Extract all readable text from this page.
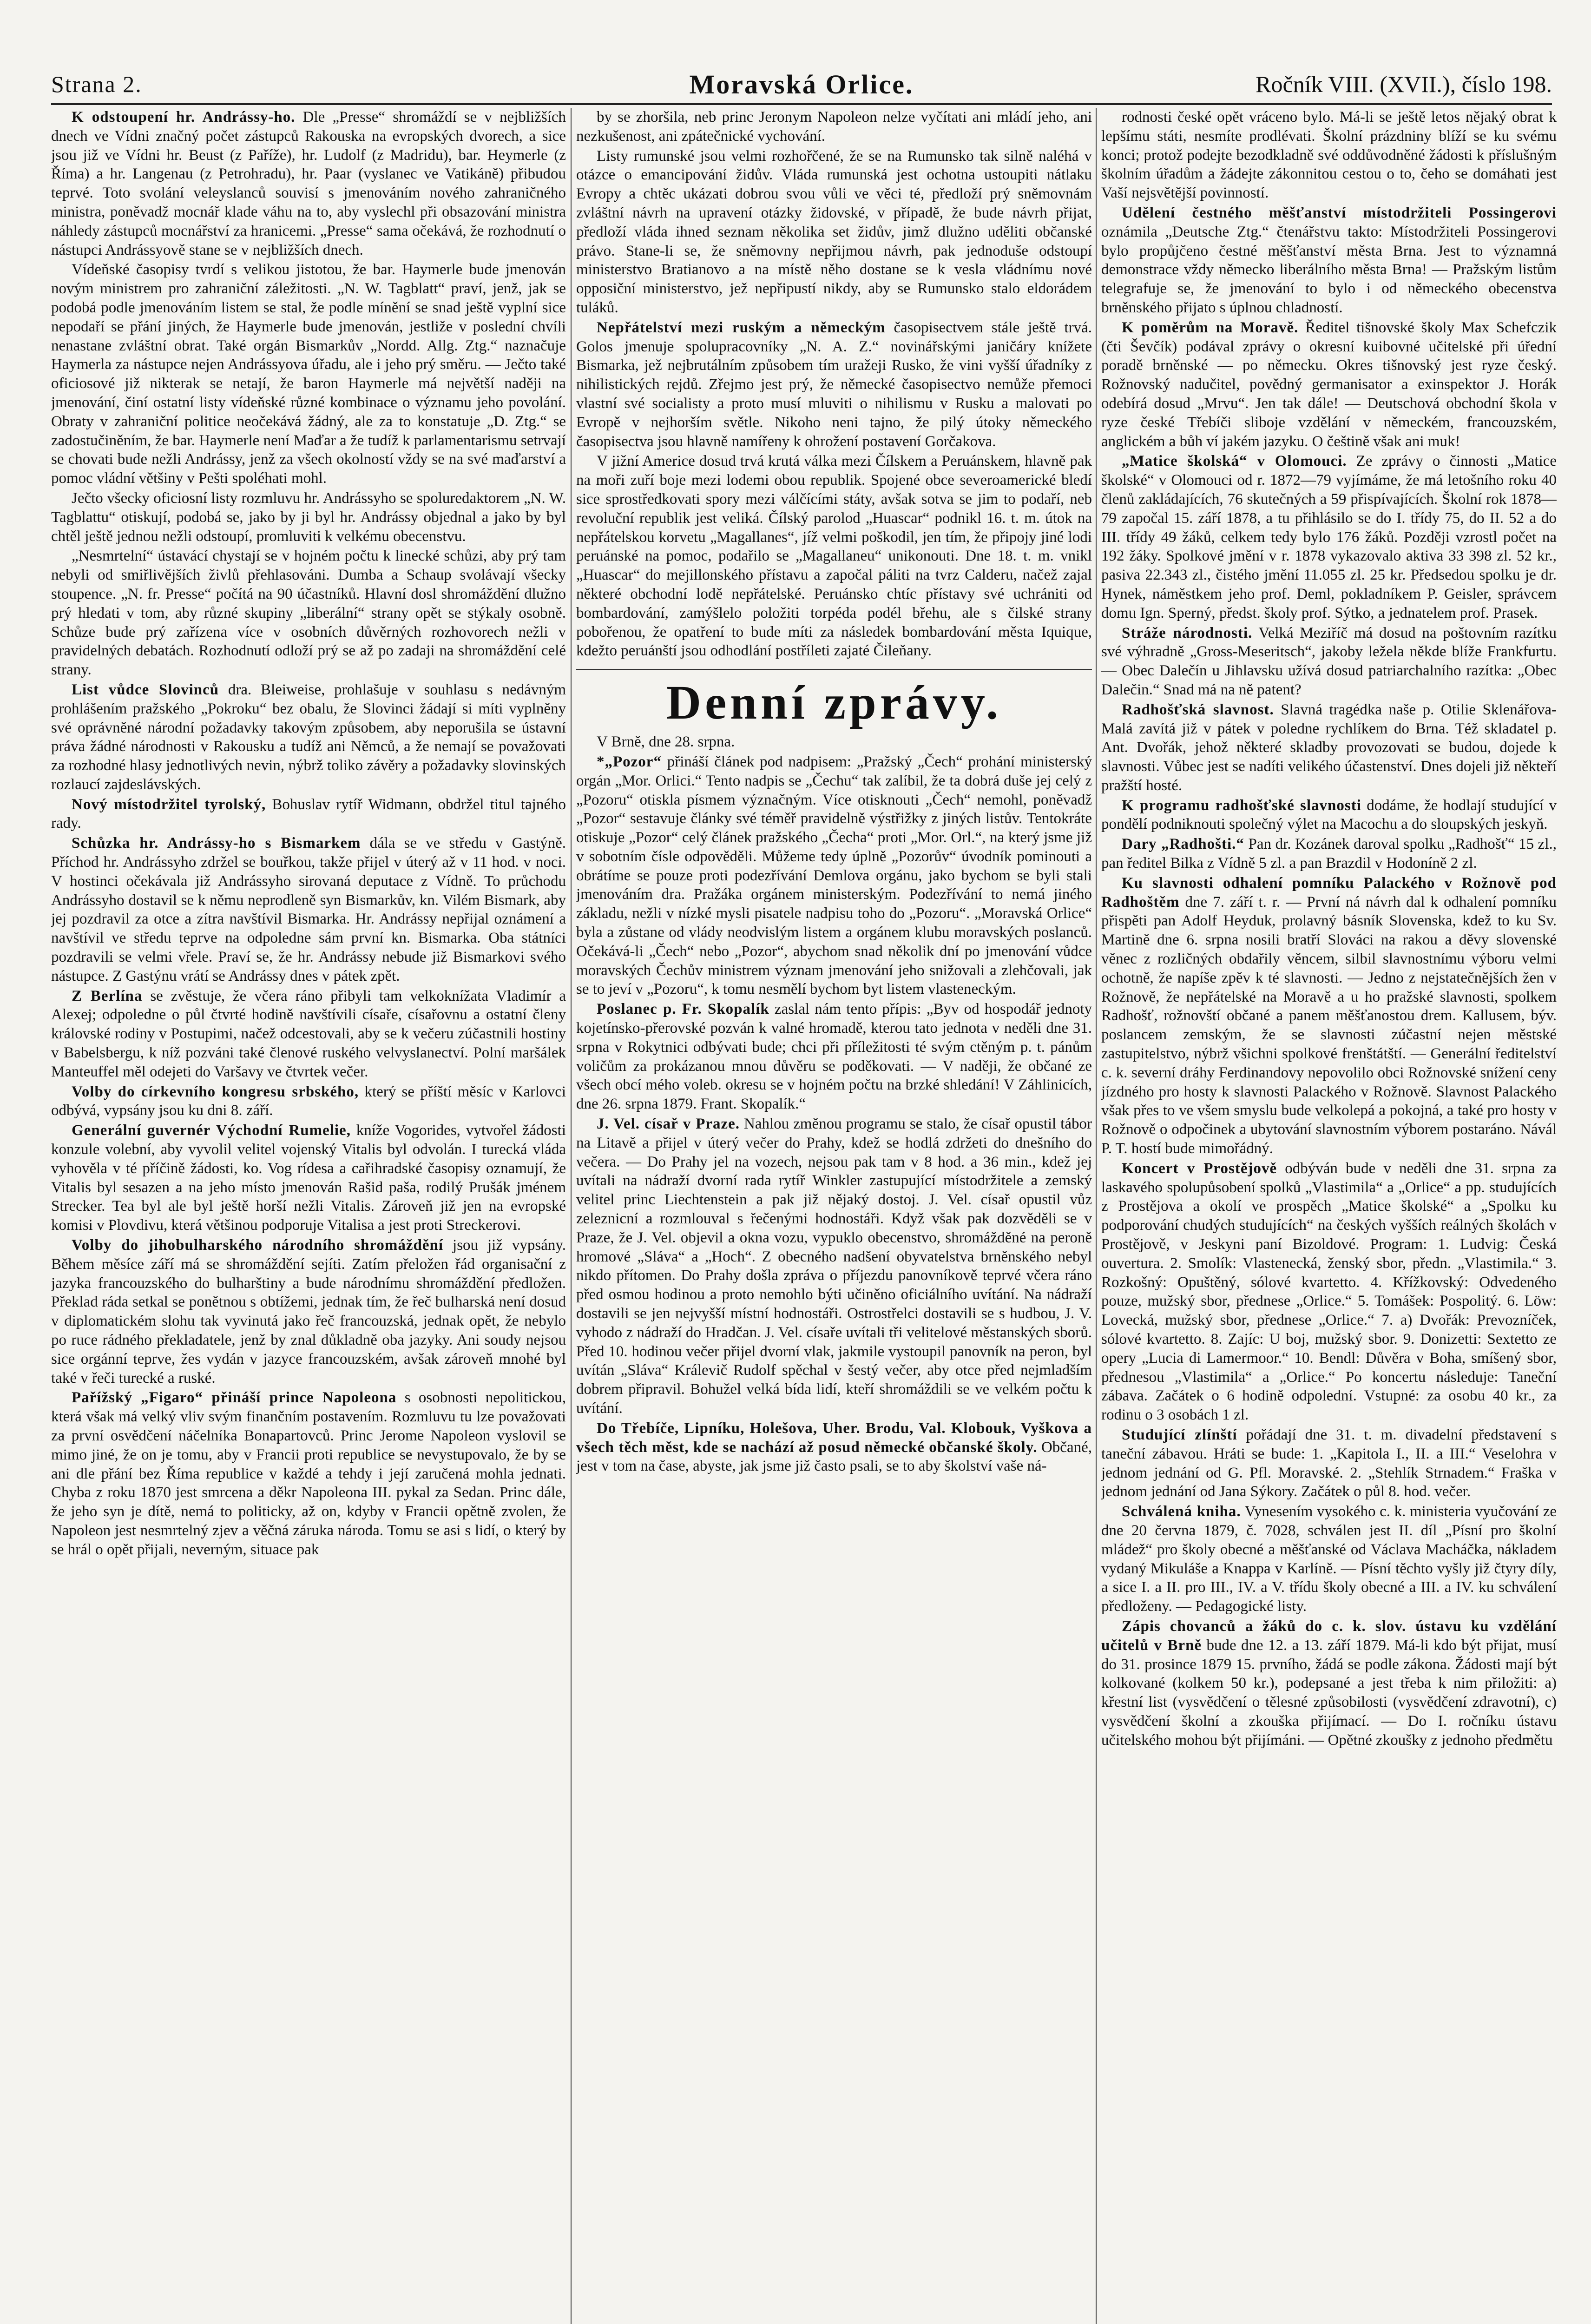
Strana 2.	Moravská Orlice.	Ročník VIII. (XVII.), číslo 198.

K odstoupení hr. Andrássy-ho. Dle „Presse“ shromáždí se v nejbližších dnech ve Vídni značný počet zástupců Rakouska na evropských dvorech, a sice jsou již ve Vídni hr. Beust (z Paříže), hr. Ludolf (z Madridu), bar. Heymerle (z Říma) a hr. Langenau (z Petrohradu), hr. Paar (vyslanec ve Vatikáně) přibudou teprvé. Toto svolání veleyslanců souvisí s jmenováním nového zahraničného ministra, poněvadž mocnář klade váhu na to, aby vyslechl při obsazování ministra náhledy zástupců mocnářství za hranicemi. „Presse“ sama očekává, že rozhodnutí o nástupci Andrássyově stane se v nejbližších dnech.

Vídeňské časopisy tvrdí s velikou jistotou, že bar. Haymerle bude jmenován novým ministrem pro zahraniční záležitosti. „N. W. Tagblatt“ praví, jenž, jak se podobá podle jmenováním listem se stal, že podle mínění se snad ještě vyplní sice nepodaří se přání jiných, že Haymerle bude jmenován, jestliže v poslední chvíli nenastane zvláštní obrat. Také orgán Bismarkův „Nordd. Allg. Ztg.“ naznačuje Haymerla za nástupce nejen Andrássyova úřadu, ale i jeho prý směru. — Ječto také oficiosové již nikterak se netají, že baron Haymerle má největší naději na jmenování, činí ostatní listy vídeňské různé kombinace o významu jeho povolání. Obraty v zahraniční politice neočekává žádný, ale za to konstatuje „D. Ztg.“ se zadostučiněním, že bar. Haymerle není Maďar a že tudíž k parlamentarismu setrvají se chovati bude nežli Andrássy, jenž za všech okolností vždy se na své maďarství a pomoc vládní většiny v Pešti spoléhati mohl.

Ječto všecky oficiosní listy rozmluvu hr. Andrássyho se spoluredaktorem „N. W. Tagblattu“ otiskují, podobá se, jako by ji byl hr. Andrássy objednal a jako by byl chtěl ještě jednou nežli odstoupí, promluviti k velkému obecenstvu.

„Nesmrtelní“ ústavácí chystají se v hojném počtu k linecké schůzi, aby prý tam nebyli od smiřlivějších živlů přehlasováni. Dumba a Schaup svolávají všecky stoupence. „N. fr. Presse“ počítá na 90 účastníků. Hlavní dosl shromáždění dlužno prý hledati v tom, aby různé skupiny „liberální“ strany opět se stýkaly osobně. Schůze bude prý zařízena více v osobních důvěrných rozhovorech nežli v pravidelných debatách. Rozhodnutí odloží prý se až po zadaji na shromáždění celé strany.

List vůdce Slovinců dra. Bleiweise, prohlašuje v souhlasu s nedávným prohlášením pražského „Pokroku“ bez obalu, že Slovinci žádají si míti vyplněny své oprávněné národní požadavky takovým způsobem, aby neporušila se ústavní práva žádné národnosti v Rakousku a tudíž ani Němců, a že nemají se považovati za rozhodné hlasy jednotlivých nevin, nýbrž toliko závěry a požadavky slovinských rozlaucí zajdeslávských.

Nový místodržitel tyrolský, Bohuslav rytíř Widmann, obdržel titul tajného rady.

Schůzka hr. Andrássy-ho s Bismarkem dála se ve středu v Gastýně. Příchod hr. Andrássyho zdržel se bouřkou, takže přijel v úterý až v 11 hod. v noci. V hostinci očekávala již Andrássyho sirovaná deputace z Vídně. To průchodu Andrássyho dostavil se k němu neprodleně syn Bismarkův, kn. Vilém Bismark, aby jej pozdravil za otce a zítra navštívil Bismarka. Hr. Andrássy nepřijal oznámení a navštívil ve středu teprve na odpoledne sám první kn. Bismarka. Oba státníci pozdravili se velmi vřele. Praví se, že hr. Andrássy nebude již Bismarkovi svého nástupce. Z Gastýnu vrátí se Andrássy dnes v pátek zpět.

Z Berlína se zvěstuje, že včera ráno přibyli tam velkoknížata Vladimír a Alexej; odpoledne o půl čtvrté hodině navštívili císaře, císařovnu a ostatní členy královské rodiny v Postupimi, načež odcestovali, aby se k večeru zúčastnili hostiny v Babelsbergu, k níž pozváni také členové ruského velvyslanectví. Polní maršálek Manteuffel měl odejeti do Varšavy ve čtvrtek večer.

Volby do církevního kongresu srbského, který se příští měsíc v Karlovci odbývá, vypsány jsou ku dni 8. září.

Generální guvernér Východní Rumelie, kníže Vogorides, vytvořel žádosti konzule volební, aby vyvolil velitel vojenský Vitalis byl odvolán. I turecká vláda vyhověla v té příčině žádosti, ko. Vog rídesa a cařihradské časopisy oznamují, že Vitalis byl sesazen a na jeho místo jmenován Rašid paša, rodilý Prušák jménem Strecker. Tea byl ale byl ještě horší nežli Vitalis. Zároveň již jen na evropské komisi v Plovdivu, která většinou podporuje Vitalisa a jest proti Streckerovi.

Volby do jihobulharského národního shromáždění jsou již vypsány. Během měsíce září má se shromáždění sejíti. Zatím přeložen řád organisační z jazyka francouzského do bulharštiny a bude národnímu shromáždění předložen. Překlad ráda setkal se ponětnou s obtížemi, jednak tím, že řeč bulharská není dosud v diplomatickém slohu tak vyvinutá jako řeč francouzská, jednak opět, že nebylo po ruce rádného překladatele, jenž by znal důkladně oba jazyky. Ani soudy nejsou sice orgánní teprve, žes vydán v jazyce francouzském, avšak zároveň mnohé byl také v řeči turecké a ruské.

Pařížský „Figaro“ přináší prince Napoleona s osobnosti nepolitickou, která však má velký vliv svým finančním postavením. Rozmluvu tu lze považovati za první osvědčení náčelníka Bonapartovců. Princ Jerome Napoleon vyslovil se mimo jiné, že on je tomu, aby v Francii proti republice se nevystupovalo, že by se ani dle přání bez Říma republice v každé a tehdy i její zaručená mohla jednati. Chyba z roku 1870 jest smrcena a děkr Napoleona III. pykal za Sedan. Princ dále, že jeho syn je dítě, nemá to politicky, až on, kdyby v Francii opětně zvolen, že Napoleon jest nesmrtelný zjev a věčná záruka národa. Tomu se asi s lidí, o který by se hrál o opět přijali, neverným, situace pak

by se zhoršila, neb princ Jeronym Napoleon nelze vyčítati ani mládí jeho, ani nezkušenost, ani zpátečnické vychování.

Listy rumunské jsou velmi rozhořčené, že se na Rumunsko tak silně naléhá v otázce o emancipování židův. Vláda rumunská jest ochotna ustoupiti nátlaku Evropy a chtěc ukázati dobrou svou vůli ve věci té, předloží prý sněmovnám zvláštní návrh na upravení otázky židovské, v případě, že bude návrh přijat, předloží vláda ihned seznam několika set židův, jimž dlužno uděliti občanské právo. Stane-li se, že sněmovny nepřijmou návrh, pak jednoduše odstoupí ministerstvo Bratianovo a na místě něho dostane se k vesla vládnímu nové opposiční ministerstvo, jež nepřipustí nikdy, aby se Rumunsko stalo eldorádem tuláků.

Nepřátelství mezi ruským a německým časopisectvem stále ještě trvá. Golos jmenuje spolupracovníky „N. A. Z.“ novinářskými janičáry knížete Bismarka, jež nejbrutálním způsobem tím uražeji Rusko, že vini vyšší úřadníky z nihilistických rejdů. Zřejmo jest prý, že německé časopisectvo nemůže přemoci vlastní své socialisty a proto musí mluviti o nihilismu v Rusku a malovati po Evropě v nejhorším světle. Nikoho neni tajno, že pilý útoky německého časopisectva jsou hlavně namířeny k ohrožení postavení Gorčakova.

V jižní Americe dosud trvá krutá válka mezi Čílskem a Peruánskem, hlavně pak na moři zuří boje mezi lodemi obou republik. Spojené obce severoamerické bledí sice sprostředkovati spory mezi válčícími státy, avšak sotva se jim to podaří, neb revoluční republik jest veliká. Čílský parolod „Huascar“ podnikl 16. t. m. útok na nepřátelskou korvetu „Magallanes“, jíž velmi poškodil, jen tím, že připojy jiné lodi peruánské na pomoc, podařilo se „Magallaneu“ unikonouti. Dne 18. t. m. vnikl „Huascar“ do mejillonského přístavu a započal páliti na tvrz Calderu, načež zajal některé obchodní lodě nepřátelské. Peruánsko chtíc přístavy své uchrániti od bombardování, zamýšlelo položiti torpéda podél břehu, ale s čilské strany pobořenou, že opatření to bude míti za následek bombardování města Iquique, kdežto peruánští jsou odhodlání postříleti zajaté Čileňany.

Denní zprávy.

V Brně, dne 28. srpna.

*„Pozor“ přináší článek pod nadpisem: „Pražský „Čech“ prohání ministerský orgán „Mor. Orlici.“ Tento nadpis se „Čechu“ tak zalíbil, že ta dobrá duše jej celý z „Pozoru“ otiskla písmem význačným. Více otisknouti „Čech“ nemohl, poněvadž „Pozor“ sestavuje články své téměř pravidelně výstřižky z jiných listův. Tentokráte otiskuje „Pozor“ celý článek pražského „Čecha“ proti „Mor. Orl.“, na který jsme již v sobotním čísle odpověděli. Můžeme tedy úplně „Pozorův“ úvodník pominouti a obrátíme se pouze proti podezřívání Demlova orgánu, jako bychom se byli stali jmenováním dra. Pražáka orgánem ministerským. Podezřívání to nemá jiného základu, nežli v nízké mysli pisatele nadpisu toho do „Pozoru“. „Moravská Orlice“ byla a zůstane od vlády neodvislým listem a orgánem klubu moravských poslanců. Očekává-li „Čech“ nebo „Pozor“, abychom snad několik dní po jmenování vůdce moravských Čechův ministrem význam jmenování jeho snižovali a zlehčovali, jak se to jeví v „Pozoru“, k tomu nesmělí bychom byt listem vlasteneckým.

Poslanec p. Fr. Skopalík zaslal nám tento přípis: „Byv od hospodář jednoty kojetínsko-přerovské pozván k valné hromadě, kterou tato jednota v neděli dne 31. srpna v Rokytnici odbývati bude; chci při příležitosti té svým ctěným p. t. pánům voličům za prokázanou mnou důvěru se poděkovati. — V naději, že občané ze všech obcí mého voleb. okresu se v hojném počtu na brzké shledání! V Záhlinicích, dne 26. srpna 1879. Frant. Skopalík.“

J. Vel. císař v Praze. Nahlou změnou programu se stalo, že císař opustil tábor na Litavě a přijel v úterý večer do Prahy, kdež se hodlá zdržeti do dnešního do večera. — Do Prahy jel na vozech, nejsou pak tam v 8 hod. a 36 min., kdež jej uvítali na nádraží dvorní rada rytíř Winkler zastupující místodržitele a zemský velitel princ Liechtenstein a pak již nějaký dostoj. J. Vel. císař opustil vůz zeleznicní a rozmlouval s řečenými hodnostáři. Když však pak dozvěděli se v Praze, že J. Vel. objevil a okna vozu, vypuklo obecenstvo, shromážděné na peroně hromové „Sláva“ a „Hoch“. Z obecného nadšení obyvatelstva brněnského nebyl nikdo přítomen. Do Prahy došla zpráva o příjezdu panovníkově teprvé včera ráno před osmou hodinou a proto nemohlo býti učiněno oficiálního uvítání. Na nádraží dostavili se jen nejvyšší místní hodnostáři. Ostrostřelci dostavili se s hudbou, J. V. vyhodo z nádraží do Hradčan. J. Vel. císaře uvítali tři velitelové městanských sborů. Před 10. hodinou večer přijel dvorní vlak, jakmile vystoupil panovník na peron, byl uvítán „Sláva“ Králevič Rudolf spěchal v šestý večer, aby otce před nejmladším dobrem připravil. Bohužel velká bída lidí, kteří shromáždili se ve velkém počtu k uvítání.

Do Třebíče, Lipníku, Holešova, Uher. Brodu, Val. Klobouk, Vyškova a všech těch měst, kde se nachází až posud německé občanské školy. Občané, jest v tom na čase, abyste, jak jsme již často psali, se to aby školství vaše ná-

rodnosti české opět vráceno bylo. Má-li se ještě letos nějaký obrat k lepšímu státi, nesmíte prodlévati. Školní prázdniny blíží se ku svému konci; protož podejte bezodkladně své oddůvodněné žádosti k příslušným školním úřadům a žádejte zákonnitou cestou o to, čeho se domáhati jest Vaší nejsvětější povinností.

Udělení čestného měšťanství místodržiteli Possingerovi oznámila „Deutsche Ztg.“ čtenářstvu takto: Místodržiteli Possingerovi bylo propůjčeno čestné měšťanství města Brna. Jest to významná demonstrace vždy německo liberálního města Brna! — Pražským listům telegrafuje se, že jmenování to bylo i od německého obecenstva brněnského přijato s úplnou chladností.

K poměrům na Moravě. Ředitel tišnovské školy Max Schefczik (čti Ševčík) podával zprávy o okresní kuibovné učitelské při úřední poradě brněnské — po německu. Okres tišnovský jest ryze český. Rožnovský nadučitel, povědný germanisator a exinspektor J. Horák odebírá dosud „Mrvu“. Jen tak dále! — Deutschová obchodní škola v ryze české Třebíči sliboje vzdělání v německém, francouzském, anglickém a bůh ví jakém jazyku. O češtině však ani muk!

„Matice školská“ v Olomouci. Ze zprávy o činnosti „Matice školské“ v Olomouci od r. 1872—79 vyjímáme, že má letošního roku 40 členů zakládajících, 76 skutečných a 59 přispívajících. Školní rok 1878—79 započal 15. září 1878, a tu přihlásilo se do I. třídy 75, do II. 52 a do III. třídy 49 žáků, celkem tedy bylo 176 žáků. Později vzrostl počet na 192 žáky. Spolkové jmění v r. 1878 vykazovalo aktiva 33 398 zl. 52 kr., pasiva 22.343 zl., čistého jmění 11.055 zl. 25 kr. Předsedou spolku je dr. Hynek, náměstkem jeho prof. Deml, pokladníkem P. Geisler, správcem domu Ign. Sperný, předst. školy prof. Sýtko, a jednatelem prof. Prasek.

Stráže národnosti. Velká Meziříč má dosud na poštovním razítku své výhradně „Gross-Meseritsch“, jakoby ležela někde blíže Frankfurtu. — Obec Dalečín u Jihlavsku užívá dosud patriarchalního razítka: „Obec Dalečin.“ Snad má na ně patent?

Radhošťská slavnost. Slavná tragédka naše p. Otilie Sklenářova-Malá zavítá již v pátek v poledne rychlíkem do Brna. Též skladatel p. Ant. Dvořák, jehož některé skladby provozovati se budou, dojede k slavnosti. Vůbec jest se nadíti velikého účastenství. Dnes dojeli již někteří pražští hosté.

K programu radhošťské slavnosti dodáme, že hodlají studující v pondělí podniknouti společný výlet na Macochu a do sloupských jeskyň.

Dary „Radhošti.“ Pan dr. Kozánek daroval spolku „Radhošť“ 15 zl., pan ředitel Bilka z Vídně 5 zl. a pan Brazdil v Hodoníně 2 zl.

Ku slavnosti odhalení pomníku Palackého v Rožnově pod Radhoštěm dne 7. září t. r. — První ná návrh dal k odhalení pomníku přispěti pan Adolf Heyduk, prolavný básník Slovenska, kdež to ku Sv. Martině dne 6. srpna nosili bratří Slováci na rakou a děvy slovenské věnec z rozličných obdařily věncem, silbil slavnostnímu výboru velmi ochotně, že napíše zpěv k té slavnosti. — Jedno z nejstatečnějších žen v Rožnově, že nepřátelské na Moravě a u ho pražské slavnosti, spolkem Radhošť, rožnovští občané a panem měšťanostou drem. Kallusem, býv. poslancem zemským, že se slavnosti zúčastní nejen městské zastupitelstvo, nýbrž všichni spolkové frenštátští. — Generální ředitelství c. k. severní dráhy Ferdinandovy nepovolilo obci Rožnovské snížení ceny jízdného pro hosty k slavnosti Palackého v Rožnově. Slavnost Palackého však přes to ve všem smyslu bude velkolepá a pokojná, a také pro hosty v Rožnově o odpočinek a ubytování slavnostním výborem postaráno. Návál P. T. hostí bude mimořádný.

Koncert v Prostějově odbýván bude v neděli dne 31. srpna za laskavého spolupůsobení spolků „Vlastimila“ a „Orlice“ a pp. studujících z Prostějova a okolí ve prospěch „Matice školské“ a „Spolku ku podporování chudých studujících“ na českých vyšších reálných školách v Prostějově, v Jeskyni paní Bizoldové. Program: 1. Ludvig: Česká ouvertura. 2. Smolík: Vlastenecká, ženský sbor, předn. „Vlastimila.“ 3. Rozkošný: Opuštěný, sólové kvartetto. 4. Křížkovský: Odvedeného pouze, mužský sbor, přednese „Orlice.“ 5. Tomášek: Pospolitý. 6. Löw: Lovecká, mužský sbor, přednese „Orlice.“ 7. a) Dvořák: Prevozníček, sólové kvartetto. 8. Zajíc: U boj, mužský sbor. 9. Donizetti: Sextetto ze opery „Lucia di Lamermoor.“ 10. Bendl: Důvěra v Boha, smíšený sbor, přednesou „Vlastimila“ a „Orlice.“ Po koncertu následuje: Taneční zábava. Začátek o 6 hodině odpolední. Vstupné: za osobu 40 kr., za rodinu o 3 osobách 1 zl.

Studující zlínští pořádají dne 31. t. m. divadelní představení s taneční zábavou. Hráti se bude: 1. „Kapitola I., II. a III.“ Veselohra v jednom jednání od G. Pfl. Moravské. 2. „Stehlík Strnadem.“ Fraška v jednom jednání od Jana Sýkory. Začátek o půl 8. hod. večer.

Schválená kniha. Vynesením vysokého c. k. ministeria vyučování ze dne 20 června 1879, č. 7028, schválen jest II. díl „Písní pro školní mládež“ pro školy obecné a měšťanské od Václava Macháčka, nákladem vydaný Mikuláše a Knappa v Karlíně. — Písní těchto vyšly již čtyry díly, a sice I. a II. pro III., IV. a V. třídu školy obecné a III. a IV. ku schválení předloženy. — Pedagogické listy.

Zápis chovanců a žáků do c. k. slov. ústavu ku vzdělání učitelů v Brně bude dne 12. a 13. září 1879. Má-li kdo být přijat, musí do 31. prosince 1879 15. prvního, žádá se podle zákona. Žádosti mají být kolkované (kolkem 50 kr.), podepsané a jest třeba k nim přiložiti: a) křestní list (vysvědčení o tělesné způsobilosti (vysvědčení zdravotní), c) vysvědčení školní a zkouška přijímací. — Do I. ročníku ústavu učitelského mohou být přijímáni. — Opětné zkoušky z jednoho předmětu
